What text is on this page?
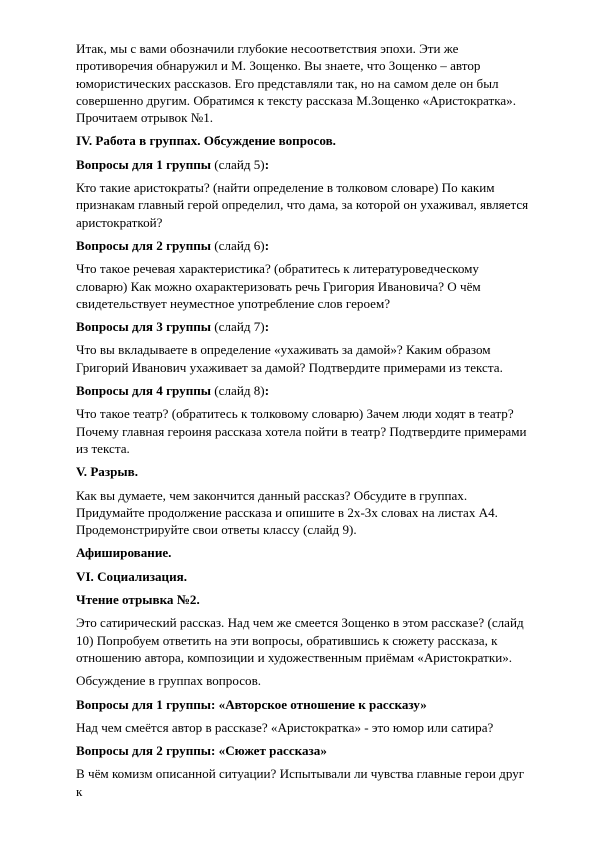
Итак, мы с вами обозначили глубокие несоответствия эпохи. Эти же противоречия обнаружил и М. Зощенко. Вы знаете, что Зощенко – автор юмористических рассказов. Его представляли так, но на самом деле он был совершенно другим. Обратимся к тексту рассказа М.Зощенко «Аристократка». Прочитаем отрывок №1.

IV. Работа в группах. Обсуждение вопросов.

Вопросы для 1 группы (слайд 5):

Кто такие аристократы? (найти определение в толковом словаре) По каким признакам главный герой определил, что дама, за которой он ухаживал, является аристократкой?

Вопросы для 2 группы (слайд 6):

Что такое речевая характеристика? (обратитесь к литературоведческому словарю) Как можно охарактеризовать речь Григория Ивановича? О чём свидетельствует неуместное употребление слов героем?

Вопросы для 3 группы (слайд 7):

Что вы вкладываете в определение «ухаживать за дамой»? Каким образом Григорий Иванович ухаживает за дамой? Подтвердите примерами из текста.

Вопросы для 4 группы (слайд 8):

Что такое театр? (обратитесь к толковому словарю) Зачем люди ходят в театр? Почему главная героиня рассказа хотела пойти в театр? Подтвердите примерами из текста.

V. Разрыв.

Как вы думаете, чем закончится данный рассказ? Обсудите в группах. Придумайте продолжение рассказа и опишите в 2х-3х словах на листах А4. Продемонстрируйте свои ответы классу (слайд 9).

Афиширование.

VI. Социализация.

Чтение отрывка №2.

Это сатирический рассказ. Над чем же смеется Зощенко в этом рассказе? (слайд 10) Попробуем ответить на эти вопросы, обратившись к сюжету рассказа, к отношению автора, композиции и художественным приёмам «Аристократки».

Обсуждение в группах вопросов.

Вопросы для 1 группы: «Авторское отношение к рассказу»

Над чем смеётся автор в рассказе? «Аристократка» - это юмор или сатира?

Вопросы для 2 группы: «Сюжет рассказа»

В чём комизм описанной ситуации? Испытывали ли чувства главные герои друг к
